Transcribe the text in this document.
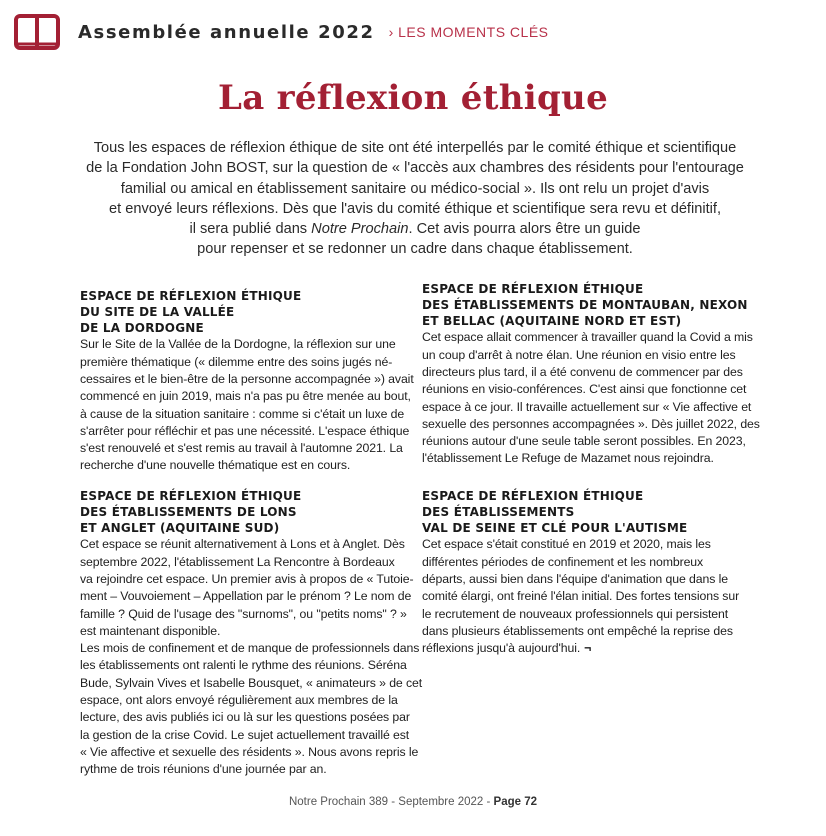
Assemblée annuelle 2022 › LES MOMENTS CLÉS
La réflexion éthique
Tous les espaces de réflexion éthique de site ont été interpellés par le comité éthique et scientifique
de la Fondation John BOST, sur la question de « l'accès aux chambres des résidents pour l'entourage
familial ou amical en établissement sanitaire ou médico-social ». Ils ont relu un projet d'avis
et envoyé leurs réflexions. Dès que l'avis du comité éthique et scientifique sera revu et définitif,
il sera publié dans Notre Prochain. Cet avis pourra alors être un guide
pour repenser et se redonner un cadre dans chaque établissement.
ESPACE DE RÉFLEXION ÉTHIQUE
DU SITE DE LA VALLÉE
DE LA DORDOGNE

Sur le Site de la Vallée de la Dordogne, la réflexion sur une
première thématique (« dilemme entre des soins jugés né-
cessaires et le bien-être de la personne accompagnée ») avait
commencé en juin 2019, mais n'a pas pu être menée au bout,
à cause de la situation sanitaire : comme si c'était un luxe de
s'arrêter pour réfléchir et pas une nécessité. L'espace éthique
s'est renouvelé et s'est remis au travail à l'automne 2021. La
recherche d'une nouvelle thématique est en cours.

ESPACE DE RÉFLEXION ÉTHIQUE
DES ÉTABLISSEMENTS DE LONS
ET ANGLET (AQUITAINE SUD)

Cet espace se réunit alternativement à Lons et à Anglet. Dès
septembre 2022, l'établissement La Rencontre à Bordeaux
va rejoindre cet espace. Un premier avis à propos de « Tutoie-
ment – Vouvoiement – Appellation par le prénom ? Le nom de
famille ? Quid de l'usage des "surnoms", ou "petits noms" ? »
est maintenant disponible.
Les mois de confinement et de manque de professionnels dans
les établissements ont ralenti le rythme des réunions. Séréna
Bude, Sylvain Vives et Isabelle Bousquet, « animateurs » de cet
espace, ont alors envoyé régulièrement aux membres de la
lecture, des avis publiés ici ou là sur les questions posées par
la gestion de la crise Covid. Le sujet actuellement travaillé est
« Vie affective et sexuelle des résidents ». Nous avons repris le
rythme de trois réunions d'une journée par an.

ESPACE DE RÉFLEXION ÉTHIQUE
DES ÉTABLISSEMENTS DE MONTAUBAN, NEXON
ET BELLAC (AQUITAINE NORD ET EST)

Cet espace allait commencer à travailler quand la Covid a mis
un coup d'arrêt à notre élan. Une réunion en visio entre les
directeurs plus tard, il a été convenu de commencer par des
réunions en visio-conférences. C'est ainsi que fonctionne cet
espace à ce jour. Il travaille actuellement sur « Vie affective et
sexuelle des personnes accompagnées ». Dès juillet 2022, des
réunions autour d'une seule table seront possibles. En 2023,
l'établissement Le Refuge de Mazamet nous rejoindra.

ESPACE DE RÉFLEXION ÉTHIQUE
DES ÉTABLISSEMENTS
VAL DE SEINE ET CLÉ POUR L'AUTISME

Cet espace s'était constitué en 2019 et 2020, mais les
différentes périodes de confinement et les nombreux
départs, aussi bien dans l'équipe d'animation que dans le
comité élargi, ont freiné l'élan initial. Des fortes tensions sur
le recrutement de nouveaux professionnels qui persistent
dans plusieurs établissements ont empêché la reprise des
réflexions jusqu'à aujourd'hui. ¬

Notre Prochain 389 - Septembre 2022 - Page 72
